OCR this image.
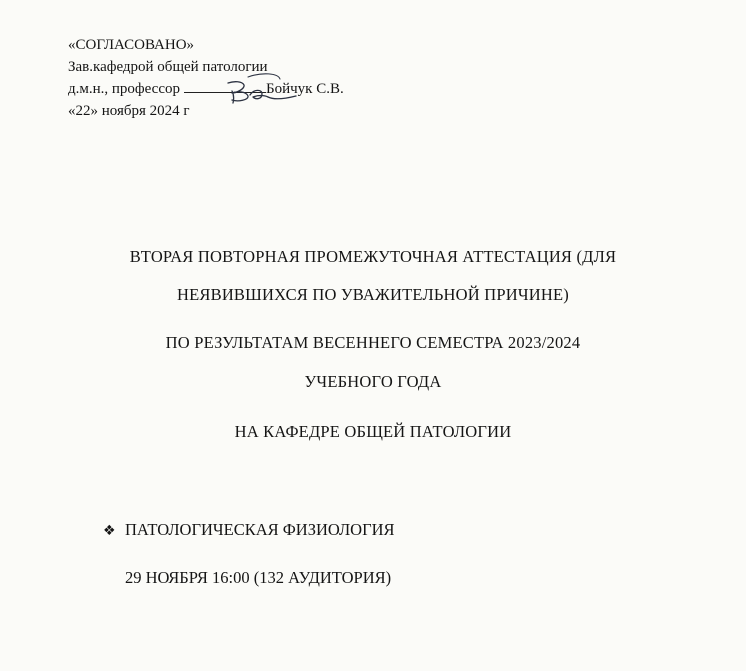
«СОГЛАСОВАНО»
Зав.кафедрой общей патологии
д.м.н., профессор	Бойчук С.В.
«22» ноября 2024 г
ВТОРАЯ ПОВТОРНАЯ ПРОМЕЖУТОЧНАЯ АТТЕСТАЦИЯ (ДЛЯ
НЕЯВИВШИХСЯ ПО УВАЖИТЕЛЬНОЙ ПРИЧИНЕ)
ПО РЕЗУЛЬТАТАМ ВЕСЕННЕГО СЕМЕСТРА 2023/2024
УЧЕБНОГО ГОДА
НА КАФЕДРЕ ОБЩЕЙ ПАТОЛОГИИ
❖ ПАТОЛОГИЧЕСКАЯ ФИЗИОЛОГИЯ
29 НОЯБРЯ 16:00 (132 АУДИТОРИЯ)
